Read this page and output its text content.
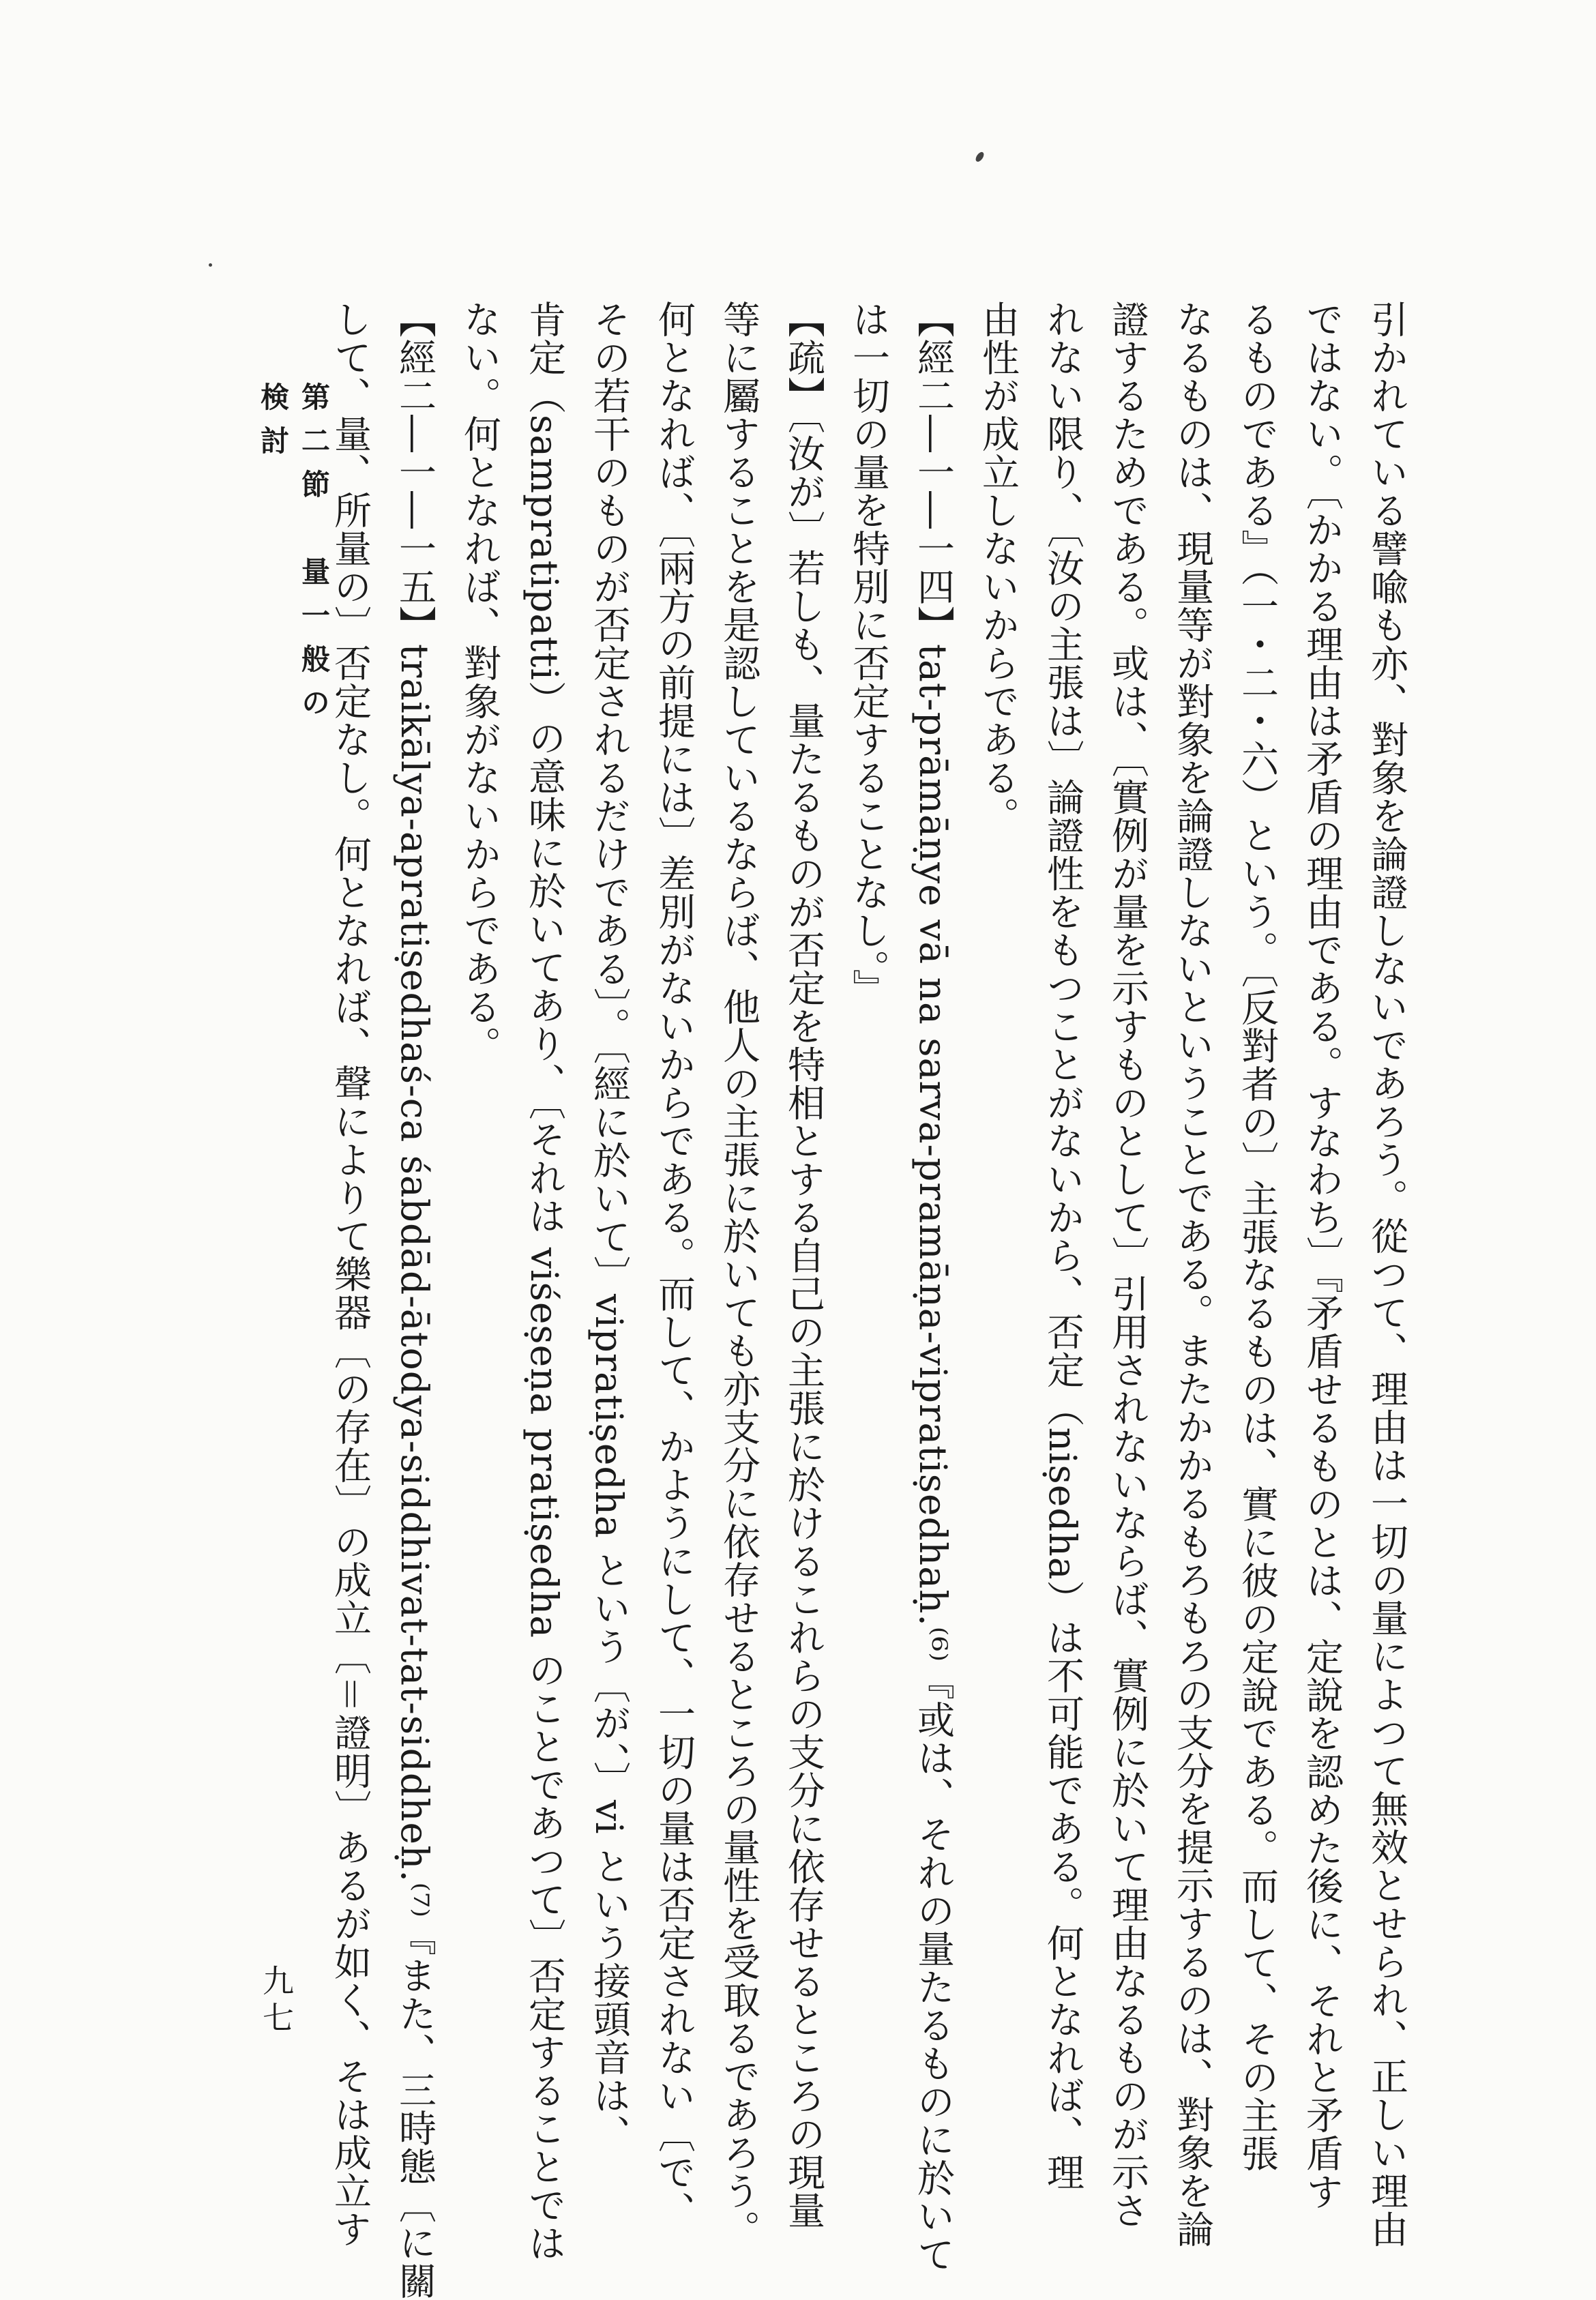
引かれている譬喩も亦、對象を論證しないであろう。從つて、理由は一切の量によつて無效とせられ、正しい理由

ではない。〔かかる理由は矛盾の理由である。すなわち〕『矛盾せるものとは、定說を認めた後に、それと矛盾す

るものである』（一・二・六）という。〔反對者の〕主張なるものは、實に彼の定說である。而して、その主張

なるものは、現量等が對象を論證しないということである。またかかるもろもろの支分を提示するのは、對象を論

證するためである。或は、〔實例が量を示すものとして〕引用されないならば、實例に於いて理由なるものが示さ

れない限り、〔汝の主張は〕論證性をもつことがないから、否定（niṣedha）は不可能である。何となれば、理

由性が成立しないからである。

【經二―一―一四】tat-prāmāṇye vā na sarva-pramāṇa-vipratiṣedhaḥ.⁽⁶⁾『或は、それの量たるものに於いて

は一切の量を特別に否定することなし。』

【疏】〔汝が〕若しも、量たるものが否定を特相とする自己の主張に於けるこれらの支分に依存せるところの現量

等に屬することを是認しているならば、他人の主張に於いても亦支分に依存せるところの量性を受取るであろう。

何となれば、〔兩方の前提には〕差別がないからである。而して、かようにして、一切の量は否定されない〔で、

その若干のものが否定されるだけである〕。〔經に於いて〕vipratiṣedha という〔が、〕vi という接頭音は、

肯定（sampratipatti）の意味に於いてあり、〔それは viśeṣeṇa pratiṣedha のことであつて〕否定することでは

ない。何となれば、對象がないからである。

【經二―一―一五】traikālya-apratiṣedhaś-ca śabdād-ātodya-siddhivat-tat-siddheḥ.⁽⁷⁾『また、三時態〔に關

して、量、所量の〕否定なし。何となれば、聲によりて樂器〔の存在〕の成立〔＝證明〕あるが如く、そは成立す

第二節　量一般の検討
九七
